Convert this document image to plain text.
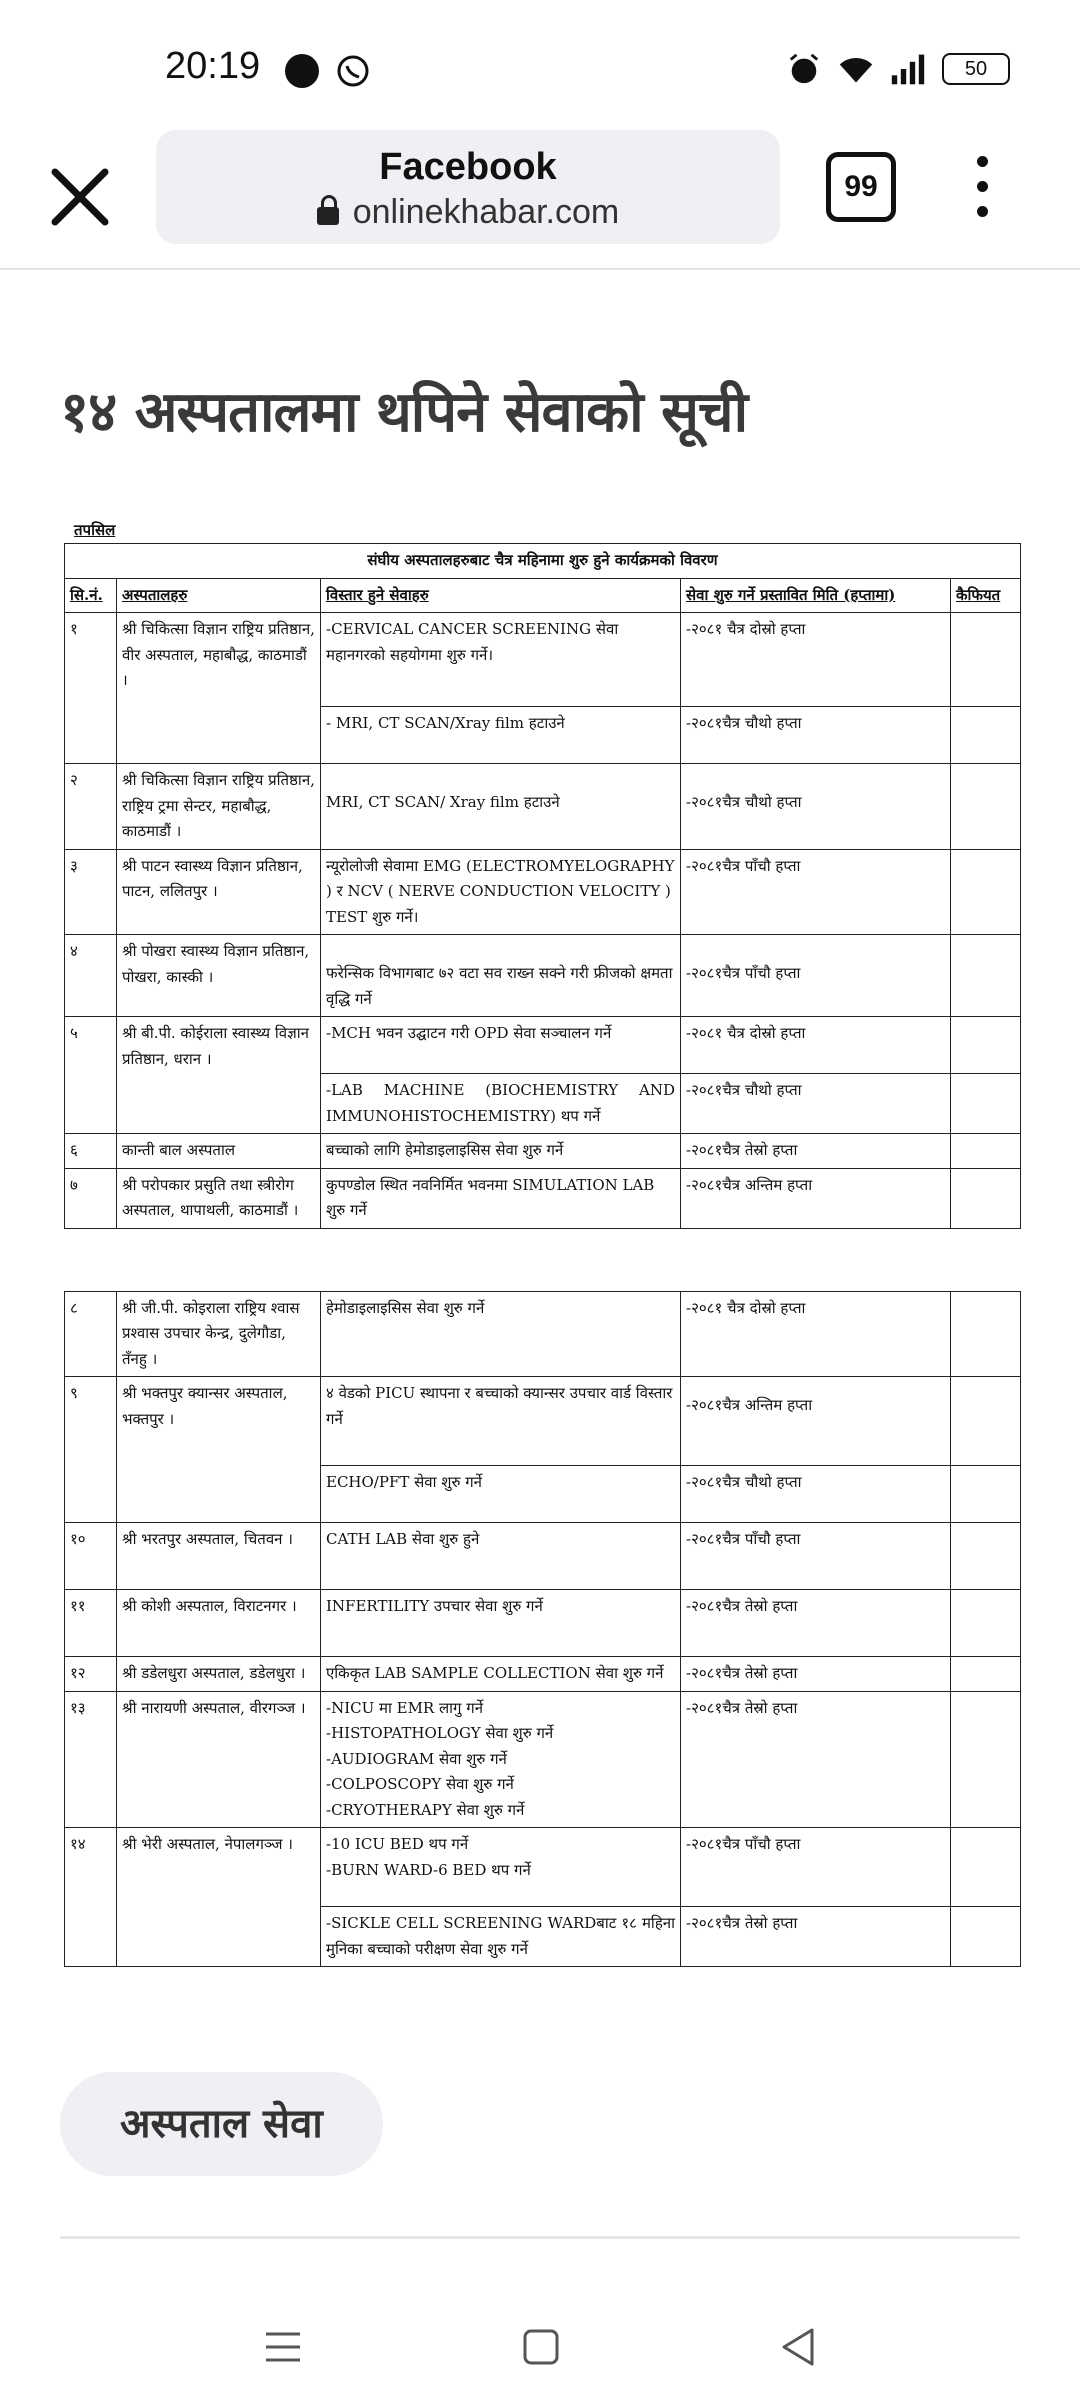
20:19	50
Facebook
onlinekhabar.com
99
१४ अस्पतालमा थपिने सेवाको सूची
तपसिल
संघीय अस्पतालहरुबाट चैत्र महिनामा शुरु हुने कार्यक्रमको विवरण				
सि.नं.	अस्पतालहरु	विस्तार हुने सेवाहरु	सेवा शुरु गर्ने प्रस्तावित मिति (हप्तामा)	कैफियत
१	श्री चिकित्सा विज्ञान राष्ट्रिय प्रतिष्ठान, वीर अस्पताल, महाबौद्ध, काठमाडौं ।	-CERVICAL CANCER SCREENING सेवा महानगरको सहयोगमा शुरु गर्ने।	-२०८१ चैत्र दोस्रो हप्ता	
		- MRI, CT SCAN/Xray film हटाउने	-२०८१चैत्र चौथो हप्ता	
२	श्री चिकित्सा विज्ञान राष्ट्रिय प्रतिष्ठान, राष्ट्रिय ट्रमा सेन्टर, महाबौद्ध, काठमाडौं ।	MRI, CT SCAN/ Xray film हटाउने	-२०८१चैत्र चौथो हप्ता	
३	श्री पाटन स्वास्थ्य विज्ञान प्रतिष्ठान, पाटन, ललितपुर ।	न्यूरोलोजी सेवामा EMG (ELECTROMYELOGRAPHY ) र NCV ( NERVE CONDUCTION VELOCITY ) TEST शुरु गर्ने।	-२०८१चैत्र पाँचौ हप्ता	
४	श्री पोखरा स्वास्थ्य विज्ञान प्रतिष्ठान, पोखरा, कास्की ।	फरेन्सिक विभागबाट ७२ वटा सव राख्न सक्ने गरी फ्रीजको क्षमता वृद्धि गर्ने	-२०८१चैत्र पाँचौ हप्ता	
५	श्री बी.पी. कोईराला स्वास्थ्य विज्ञान प्रतिष्ठान, धरान ।	-MCH भवन उद्घाटन गरी OPD सेवा सञ्चालन गर्ने	-२०८१ चैत्र दोस्रो हप्ता	
		-LAB MACHINE (BIOCHEMISTRY AND IMMUNOHISTOCHEMISTRY) थप गर्ने	-२०८१चैत्र चौथो हप्ता	
६	कान्ती बाल अस्पताल	बच्चाको लागि हेमोडाइलाइसिस सेवा शुरु गर्ने	-२०८१चैत्र तेस्रो हप्ता	
७	श्री परोपकार प्रसुति तथा स्त्रीरोग अस्पताल, थापाथली, काठमाडौं ।	कुपण्डोल स्थित नवनिर्मित भवनमा SIMULATION LAB शुरु गर्ने	-२०८१चैत्र अन्तिम हप्ता	
८	श्री जी.पी. कोइराला राष्ट्रिय श्वास प्रश्वास उपचार केन्द्र, दुलेगौडा, तँनहु ।	हेमोडाइलाइसिस सेवा शुरु गर्ने	-२०८१ चैत्र दोस्रो हप्ता	
९	श्री भक्तपुर क्यान्सर अस्पताल, भक्तपुर ।	४ वेडको PICU स्थापना र बच्चाको क्यान्सर उपचार वार्ड विस्तार गर्ने	-२०८१चैत्र अन्तिम हप्ता	
		ECHO/PFT सेवा शुरु गर्ने	-२०८१चैत्र चौथो हप्ता	
१०	श्री भरतपुर अस्पताल, चितवन ।	CATH LAB सेवा शुरु हुने	-२०८१चैत्र पाँचौ हप्ता	
११	श्री कोशी अस्पताल, विराटनगर ।	INFERTILITY उपचार सेवा शुरु गर्ने	-२०८१चैत्र तेस्रो हप्ता	
१२	श्री डडेलधुरा अस्पताल, डडेलधुरा ।	एकिकृत LAB SAMPLE COLLECTION सेवा शुरु गर्ने	-२०८१चैत्र तेस्रो हप्ता	
१३	श्री नारायणी अस्पताल, वीरगञ्ज ।	-NICU मा EMR लागु गर्ने
-HISTOPATHOLOGY सेवा शुरु गर्ने
-AUDIOGRAM सेवा शुरु गर्ने
-COLPOSCOPY सेवा शुरु गर्ने
-CRYOTHERAPY सेवा शुरु गर्ने	-२०८१चैत्र तेस्रो हप्ता	
१४	श्री भेरी अस्पताल, नेपालगञ्ज ।	-10 ICU BED थप गर्ने
-BURN WARD-6 BED थप गर्ने	-२०८१चैत्र पाँचौ हप्ता	
		-SICKLE CELL SCREENING WARDबाट १८ महिना मुनिका बच्चाको परीक्षण सेवा शुरु गर्ने	-२०८१चैत्र तेस्रो हप्ता	
अस्पताल सेवा
